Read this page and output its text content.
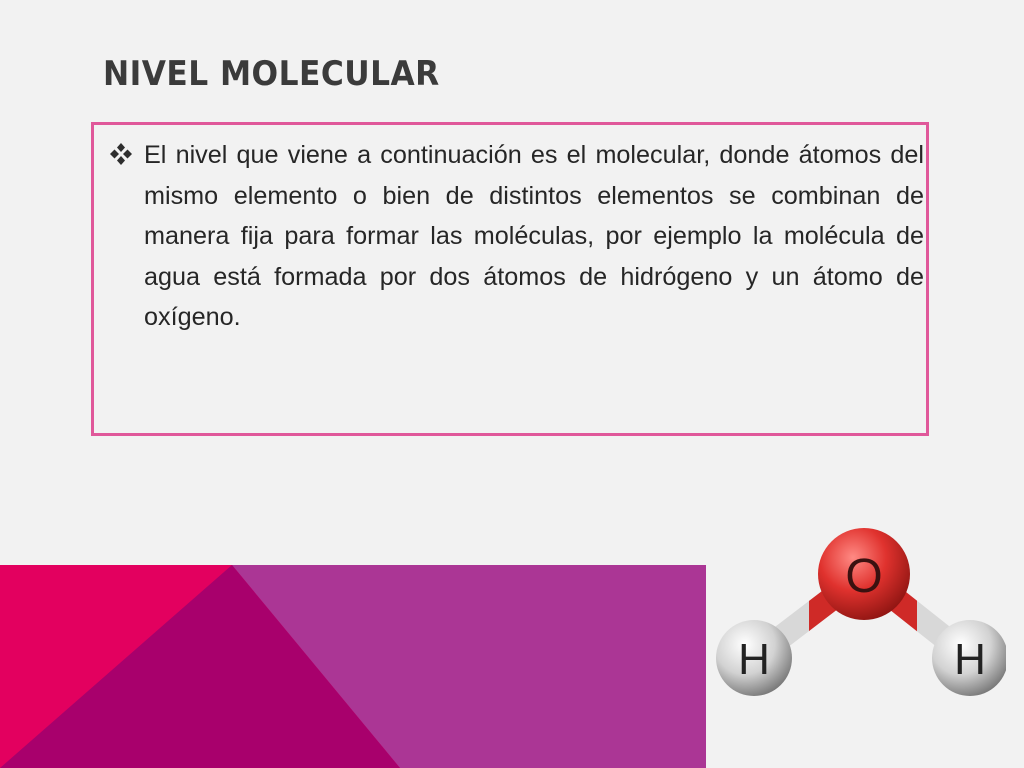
NIVEL MOLECULAR

El nivel que viene a continuación es el molecular, donde átomos del mismo elemento o bien de distintos elementos se combinan de manera fija para formar las moléculas, por ejemplo la molécula de agua está formada por dos átomos de hidrógeno y un átomo de oxígeno.

O
H	H
